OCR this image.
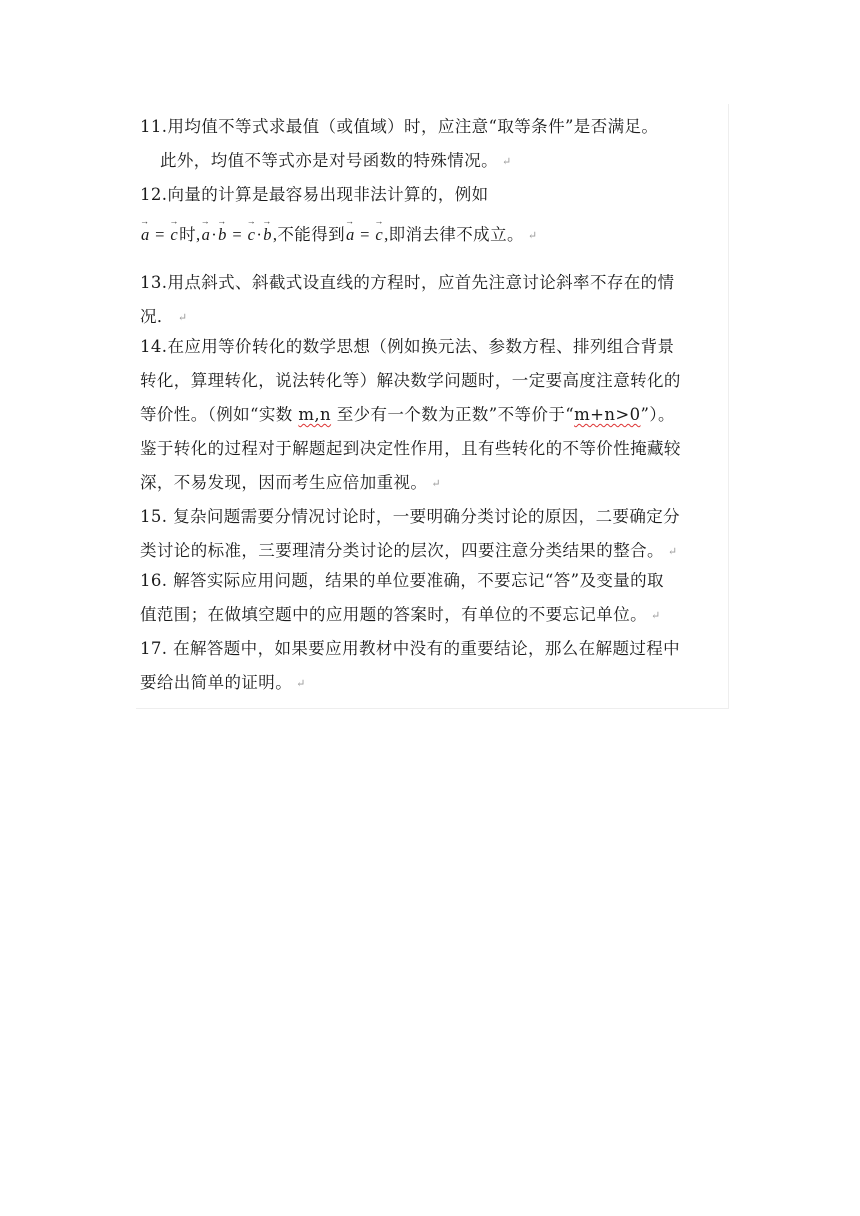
11.用均值不等式求最值（或值域）时，应注意“取等条件”是否满足。
此外，均值不等式亦是对号函数的特殊情况。 ↵
12.向量的计算是最容易出现非法计算的，例如
→ a = → c时,→ a·→ b = → c·→ b,不能得到→ a = → c,即消去律不成立。 ↵
13.用点斜式、斜截式设直线的方程时，应首先注意讨论斜率不存在的情
况． ↵
14.在应用等价转化的数学思想（例如换元法、参数方程、排列组合背景
转化，算理转化，说法转化等）解决数学问题时，一定要高度注意转化的
等价性。（例如“实数 m,n 至少有一个数为正数”不等价于“m+n>0”）。
鉴于转化的过程对于解题起到决定性作用，且有些转化的不等价性掩藏较
深，不易发现，因而考生应倍加重视。 ↵
15. 复杂问题需要分情况讨论时，一要明确分类讨论的原因，二要确定分
类讨论的标准，三要理清分类讨论的层次，四要注意分类结果的整合。 ↵
16. 解答实际应用问题，结果的单位要准确，不要忘记“答”及变量的取
值范围；在做填空题中的应用题的答案时，有单位的不要忘记单位。 ↵
17. 在解答题中，如果要应用教材中没有的重要结论，那么在解题过程中
要给出简单的证明。 ↵
